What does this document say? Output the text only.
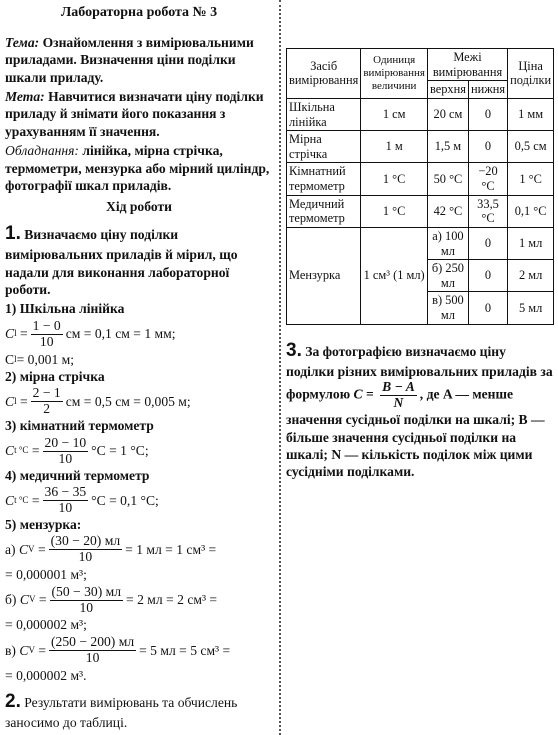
Лабораторна робота № 3
Тема: Ознайомлення з вимірювальними приладами. Визначення ціни поділки шкали приладу.
Мета: Навчитися визначати ціну поділки приладу й знімати його показання з урахуванням її значення.
Обладнання: лінійка, мірна стрічка, термометри, мензурка або мірний циліндр, фотографії шкал приладів.
Хід роботи
1. Визначаємо ціну поділки вимірювальних приладів й мірил, що надали для виконання лабораторної роботи.
1) Шкільна лінійка
C l
= $\frac{1 - 0}{10}$ см = 0,1 см = 1 мм;
C l = 0,001 м;
2) мірна стрічка
C l
= $\frac{2 - 1}{2}$ см = 0,5 см = 0,005 м;
3) кімнатний термометр
C t °C
= $\frac{20 - 10}{10} ^\circ C = 1$ °C;
4) медичний термометр
C t °C
= $\frac{36 - 35}{10} ^\circ C = 0,1$ °C;
5) мензурка:
а)
C V
= $\frac{(30 - 20) мл}{10} = 1$ мл = 1 см³ =
= 0,000001 м³;
б)
C V
= $\frac{(50 - 30) мл}{10} = 2$ мл = 2 см³ =
= 0,000002 м³;
в)
C V
= $\frac{(250 - 200) мл}{10} = 5$ мл = 5 см³ =
= 0,000002 м³.
2. Результати вимірювань та обчислень заносимо до таблиці.
Засіб вимірювання	Одиниця вимірювання величини	Межі вимірювання		Ціна поділки
		верхня	нижня	
Шкільна лінійка	1 см	20 см	0	1 мм
Мірна стрічка	1 м	1,5 м	0	0,5 см
Кімнатний термометр	1 °C	50 °C	−20 °C	1 °C
Медичний термометр	1 °C	42 °C	33,5 °C	0,1 °C
Мензурка	1 см³ (1 мл)	а) 100 мл	0	1 мл
		б) 250 мл	0	2 мл
		в) 500 мл	0	5 мл
3. За фотографією визначаємо ціну поділки різних вимірювальних приладів за формулою $C = \frac{B - A}{N}$ , де A — менше значення сусідньої поділки на шкалі; B — більше значення сусідньої поділки на шкалі; N — кількість поділок між цими сусідніми поділками.
